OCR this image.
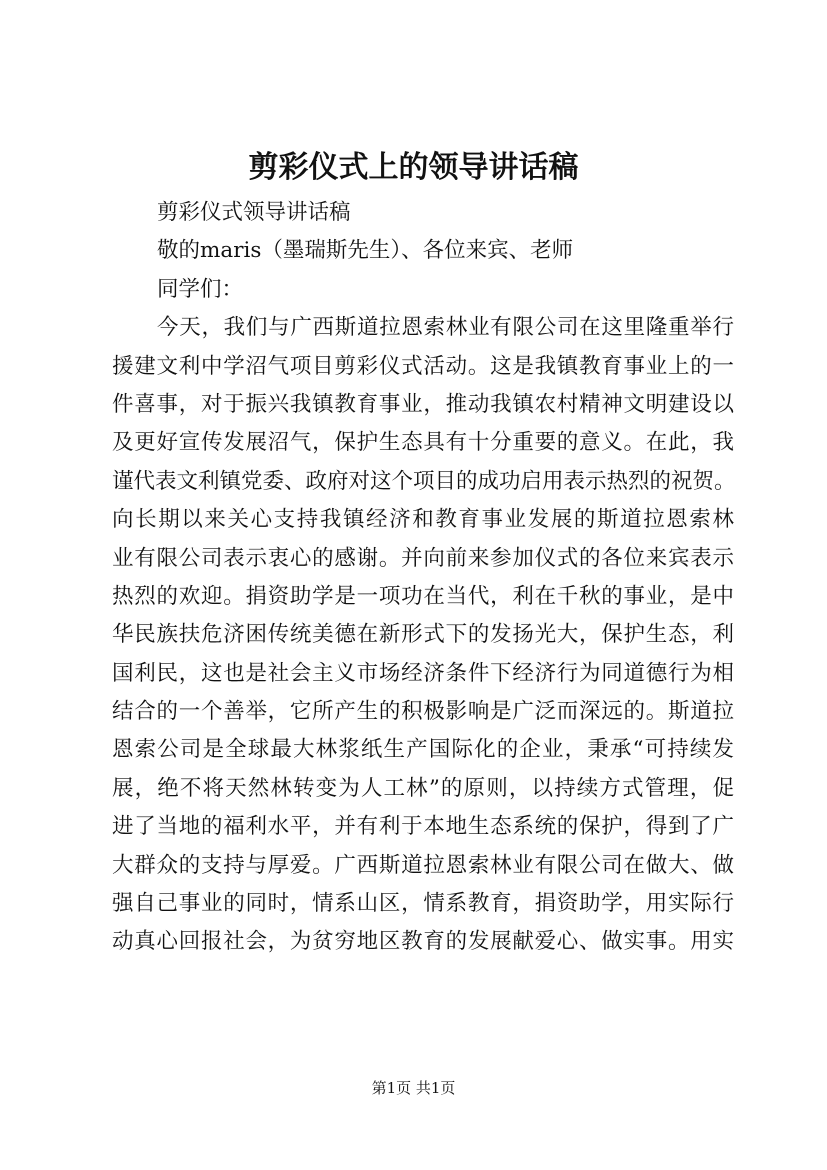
剪彩仪式上的领导讲话稿
剪彩仪式领导讲话稿
敬的maris（墨瑞斯先生）、各位来宾、老师
同学们：
今天，我们与广西斯道拉恩索林业有限公司在这里隆重举行
援建文利中学沼气项目剪彩仪式活动。这是我镇教育事业上的一
件喜事，对于振兴我镇教育事业，推动我镇农村精神文明建设以
及更好宣传发展沼气，保护生态具有十分重要的意义。在此，我
谨代表文利镇党委、政府对这个项目的成功启用表示热烈的祝贺。
向长期以来关心支持我镇经济和教育事业发展的斯道拉恩索林
业有限公司表示衷心的感谢。并向前来参加仪式的各位来宾表示
热烈的欢迎。捐资助学是一项功在当代，利在千秋的事业，是中
华民族扶危济困传统美德在新形式下的发扬光大，保护生态，利
国利民，这也是社会主义市场经济条件下经济行为同道德行为相
结合的一个善举，它所产生的积极影响是广泛而深远的。斯道拉
恩索公司是全球最大林浆纸生产国际化的企业，秉承“可持续发
展，绝不将天然林转变为人工林”的原则，以持续方式管理，促
进了当地的福利水平，并有利于本地生态系统的保护，得到了广
大群众的支持与厚爱。广西斯道拉恩索林业有限公司在做大、做
强自己事业的同时，情系山区，情系教育，捐资助学，用实际行
动真心回报社会，为贫穷地区教育的发展献爱心、做实事。用实
第1页 共1页
